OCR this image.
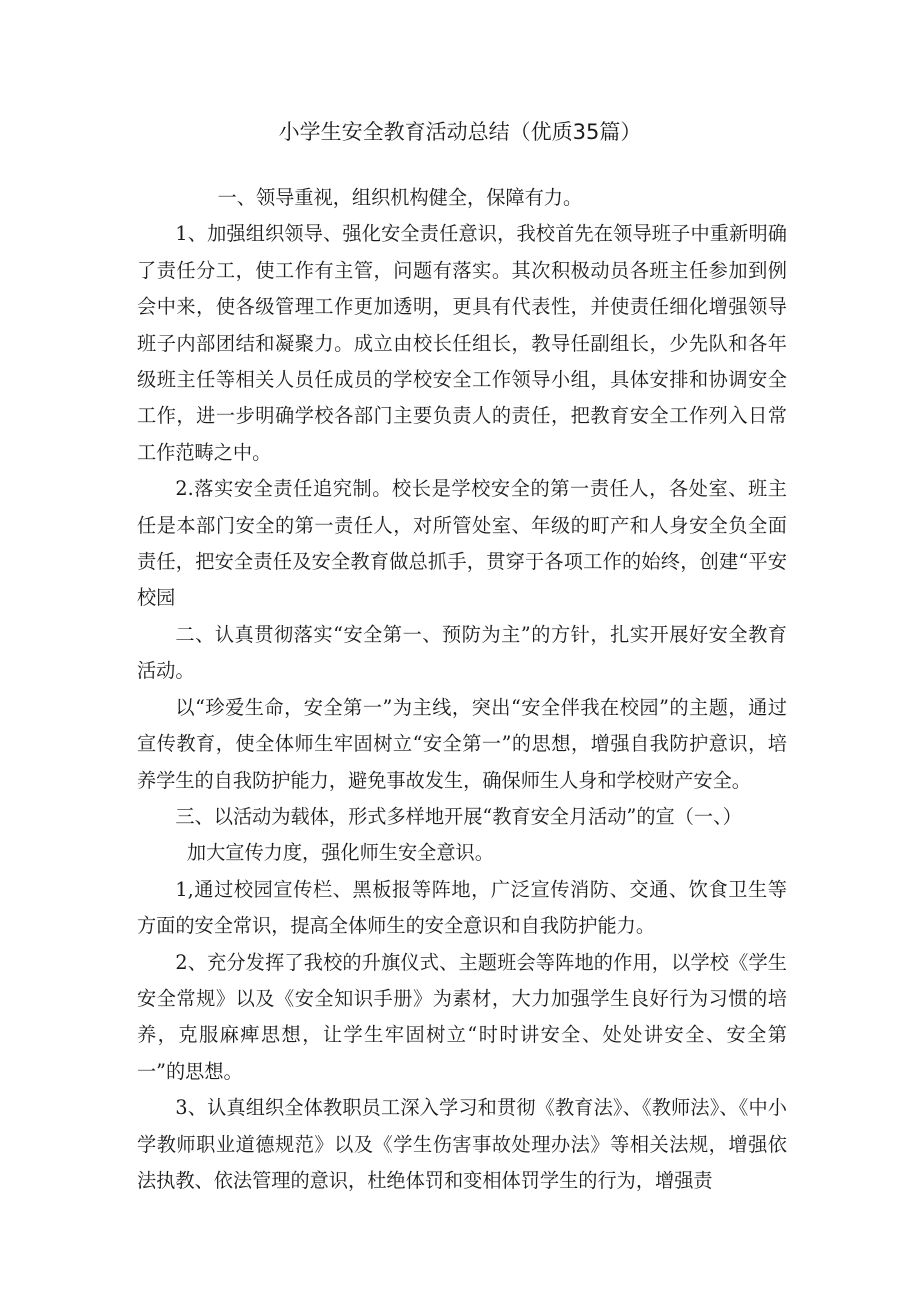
小学生安全教育活动总结（优质35篇）

一、领导重视，组织机构健全，保障有力。

1、加强组织领导、强化安全责任意识，我校首先在领导班子中重新明确了责任分工，使工作有主管，问题有落实。其次积极动员各班主任参加到例会中来，使各级管理工作更加透明，更具有代表性，并使责任细化增强领导班子内部团结和凝聚力。成立由校长任组长，教导任副组长，少先队和各年级班主任等相关人员任成员的学校安全工作领导小组，具体安排和协调安全工作，进一步明确学校各部门主要负责人的责任，把教育安全工作列入日常工作范畴之中。

2.落实安全责任追究制。校长是学校安全的第一责任人，各处室、班主任是本部门安全的第一责任人，对所管处室、年级的町产和人身安全负全面责任，把安全责任及安全教育做总抓手，贯穿于各项工作的始终，创建“平安校园

二、认真贯彻落实“安全第一、预防为主”的方针，扎实开展好安全教育活动。

以“珍爱生命，安全第一”为主线，突出“安全伴我在校园”的主题，通过宣传教育，使全体师生牢固树立“安全第一”的思想，增强自我防护意识，培养学生的自我防护能力，避免事故发生，确保师生人身和学校财产安全。

三、以活动为载体，形式多样地开展“教育安全月活动”的宣（一、）

加大宣传力度，强化师生安全意识。

1,通过校园宣传栏、黑板报等阵地，广泛宣传消防、交通、饮食卫生等方面的安全常识，提高全体师生的安全意识和自我防护能力。

2、充分发挥了我校的升旗仪式、主题班会等阵地的作用，以学校《学生安全常规》以及《安全知识手册》为素材，大力加强学生良好行为习惯的培养，克服麻痺思想，让学生牢固树立“时时讲安全、处处讲安全、安全第一”的思想。

3、认真组织全体教职员工深入学习和贯彻《教育法》、《教师法》、《中小学教师职业道德规范》以及《学生伤害事故处理办法》等相关法规，增强依法执教、依法管理的意识，杜绝体罚和变相体罚学生的行为，增强责
